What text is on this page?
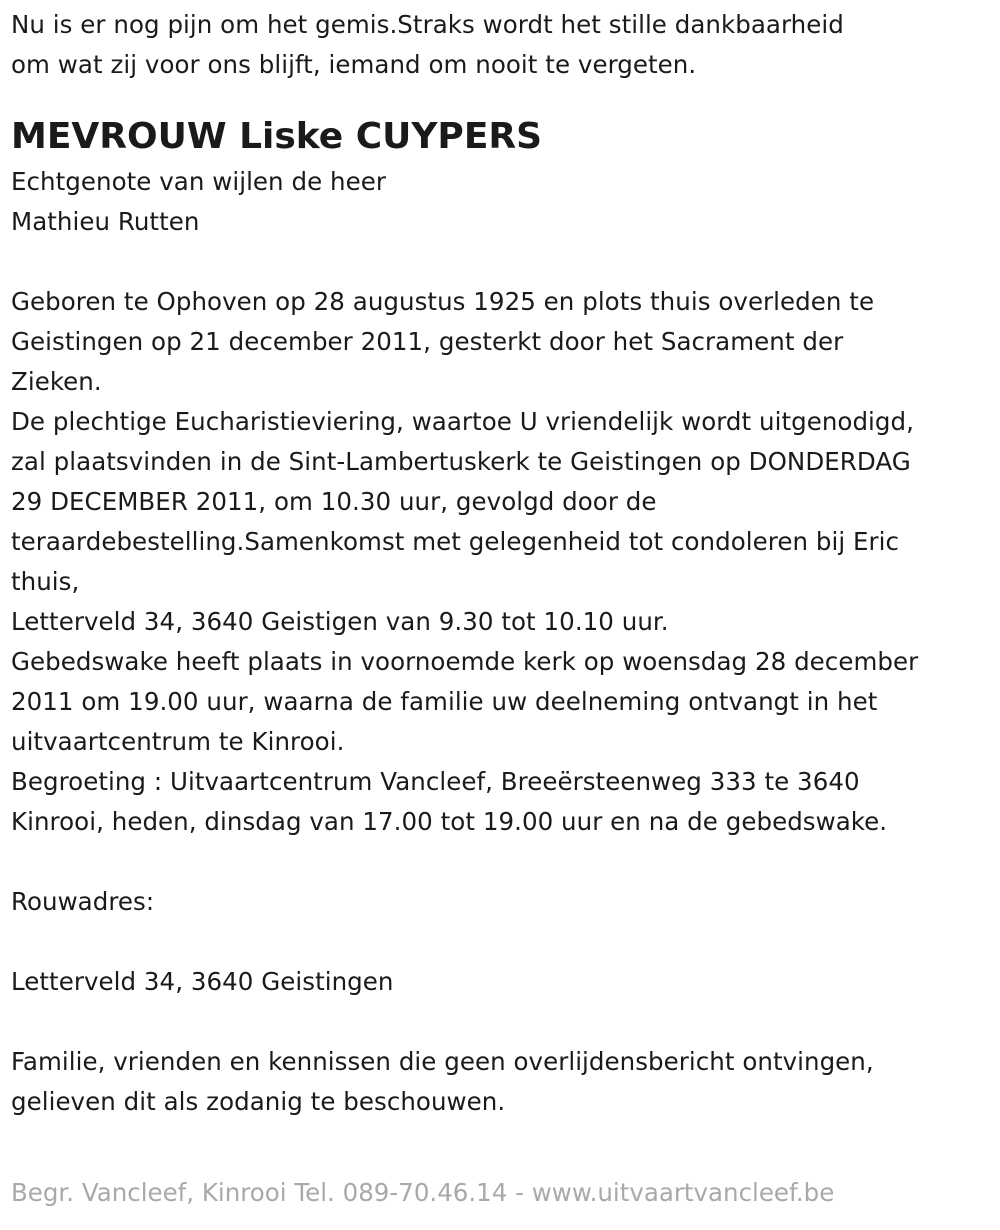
Nu is er nog pijn om het gemis.Straks wordt het stille dankbaarheid
om wat zij voor ons blijft, iemand om nooit te vergeten.
MEVROUW Liske CUYPERS
Echtgenote van wijlen de heer
Mathieu Rutten
Geboren te Ophoven op 28 augustus 1925 en plots thuis overleden te
Geistingen op 21 december 2011, gesterkt door het Sacrament der
Zieken.
De plechtige Eucharistieviering, waartoe U vriendelijk wordt uitgenodigd,
zal plaatsvinden in de Sint-Lambertuskerk te Geistingen op DONDERDAG
29 DECEMBER 2011, om 10.30 uur, gevolgd door de
teraardebestelling.Samenkomst met gelegenheid tot condoleren bij Eric
thuis,
Letterveld 34, 3640 Geistigen van 9.30 tot 10.10 uur.
Gebedswake heeft plaats in voornoemde kerk op woensdag 28 december
2011 om 19.00 uur, waarna de familie uw deelneming ontvangt in het
uitvaartcentrum te Kinrooi.
Begroeting : Uitvaartcentrum Vancleef, Breeërsteenweg 333 te 3640
Kinrooi, heden, dinsdag van 17.00 tot 19.00 uur en na de gebedswake.
Rouwadres:
Letterveld 34, 3640 Geistingen
Familie, vrienden en kennissen die geen overlijdensbericht ontvingen,
gelieven dit als zodanig te beschouwen.
Begr. Vancleef, Kinrooi Tel. 089-70.46.14 - www.uitvaartvancleef.be
